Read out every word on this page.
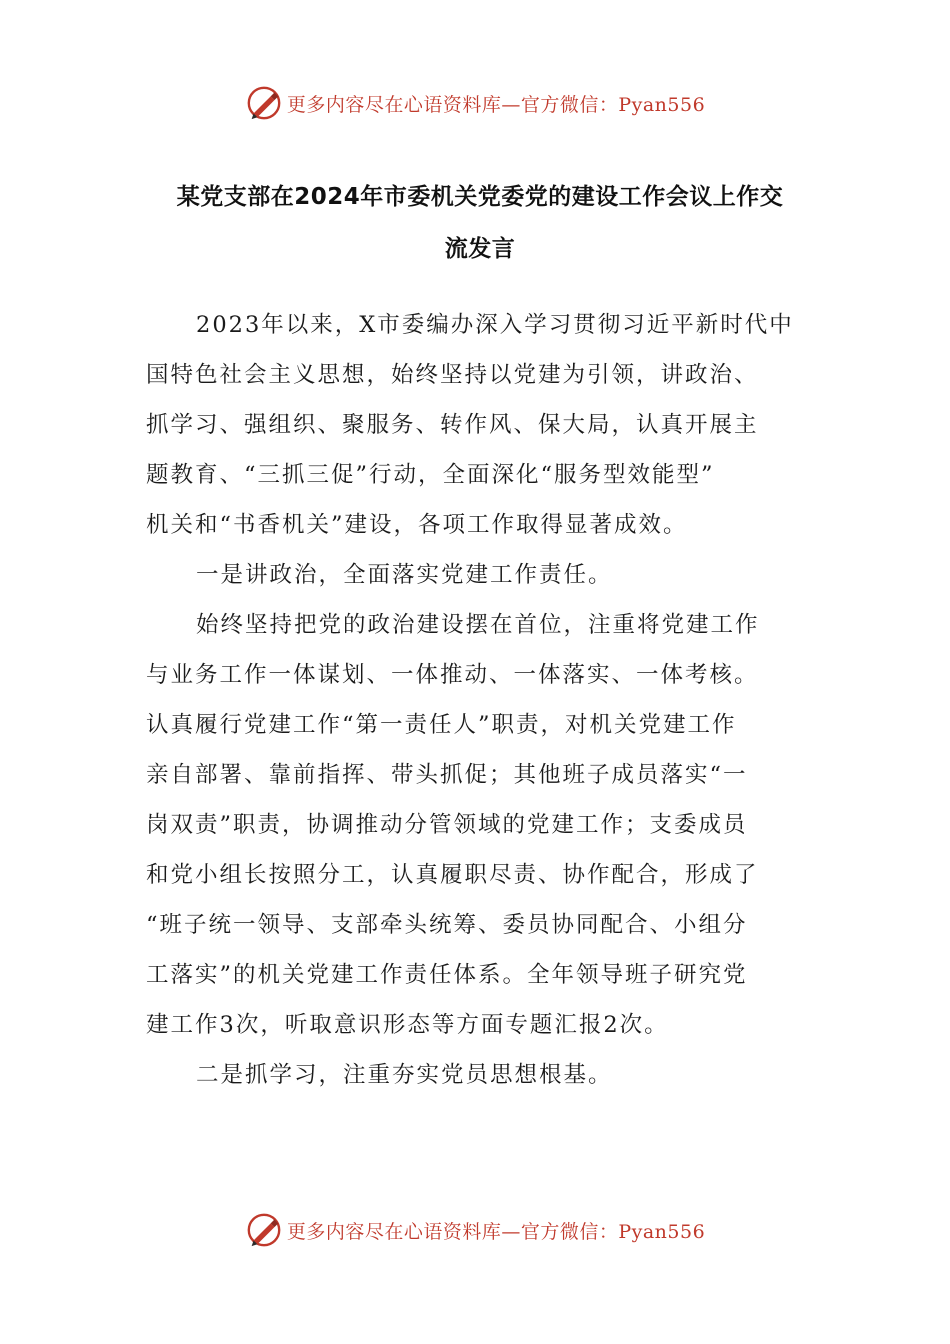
更多内容尽在心语资料库—官方微信：Pyan556
某党支部在2024年市委机关党委党的建设工作会议上作交
流发言
2023年以来，X市委编办深入学习贯彻习近平新时代中
国特色社会主义思想，始终坚持以党建为引领，讲政治、
抓学习、强组织、聚服务、转作风、保大局，认真开展主
题教育、“三抓三促”行动，全面深化“服务型效能型”
机关和“书香机关”建设，各项工作取得显著成效。
一是讲政治，全面落实党建工作责任。
始终坚持把党的政治建设摆在首位，注重将党建工作
与业务工作一体谋划、一体推动、一体落实、一体考核。
认真履行党建工作“第一责任人”职责，对机关党建工作
亲自部署、靠前指挥、带头抓促；其他班子成员落实“一
岗双责”职责，协调推动分管领域的党建工作；支委成员
和党小组长按照分工，认真履职尽责、协作配合，形成了
“班子统一领导、支部牵头统筹、委员协同配合、小组分
工落实”的机关党建工作责任体系。全年领导班子研究党
建工作3次，听取意识形态等方面专题汇报2次。
二是抓学习，注重夯实党员思想根基。
更多内容尽在心语资料库—官方微信：Pyan556
